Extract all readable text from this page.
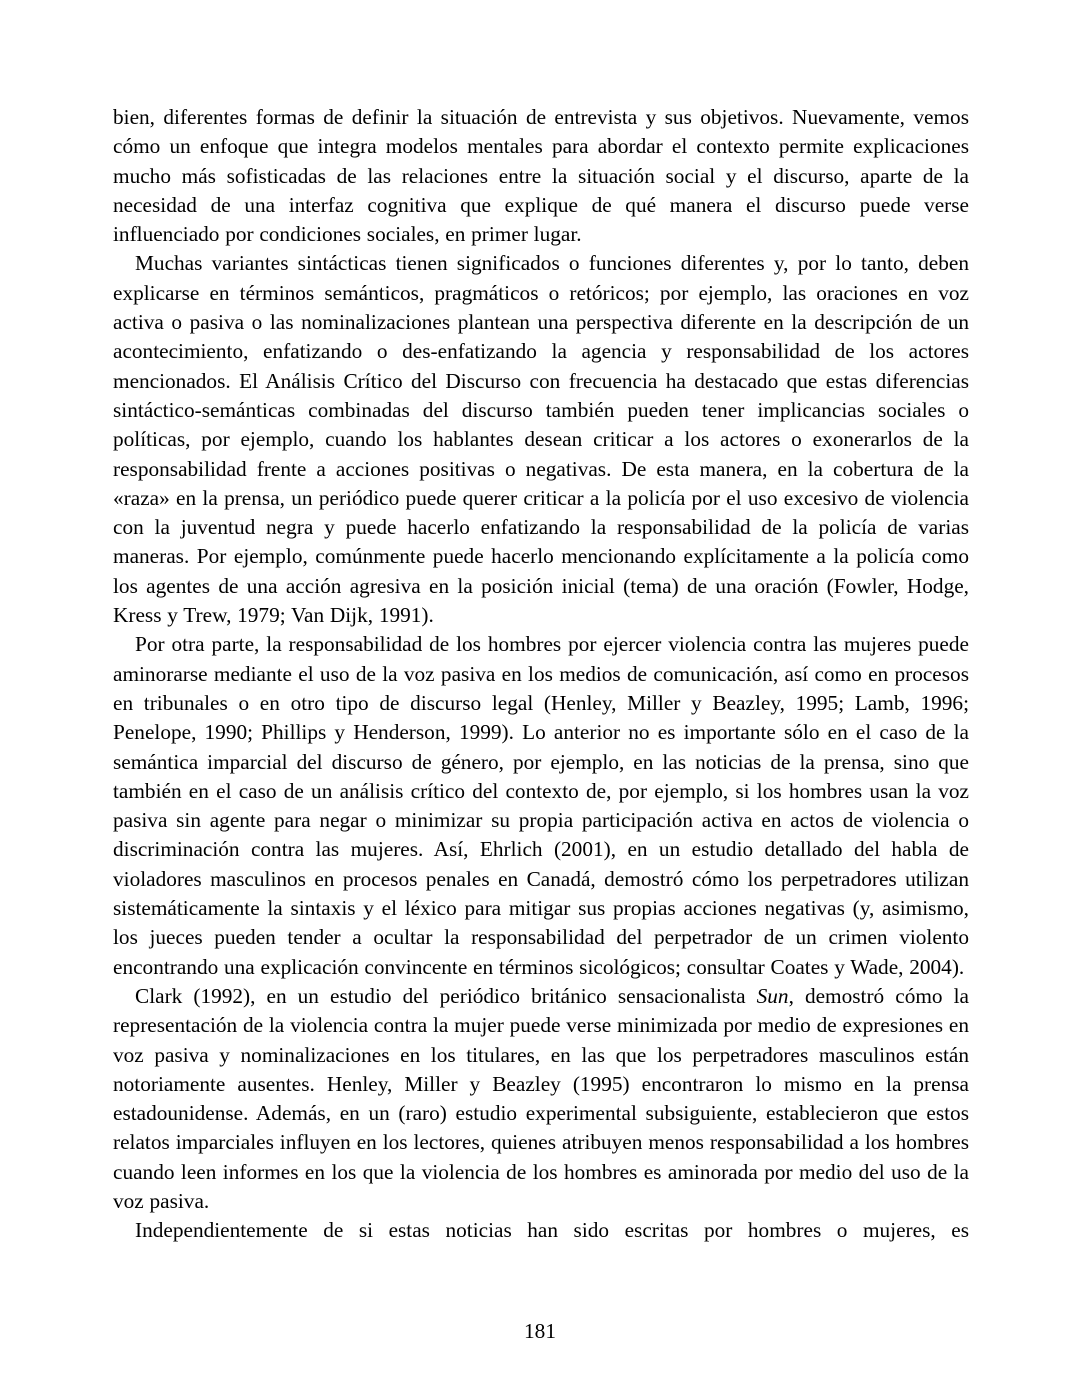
bien, diferentes formas de definir la situación de entrevista y sus objetivos. Nuevamente, vemos cómo un enfoque que integra modelos mentales para abordar el contexto permite explicaciones mucho más sofisticadas de las relaciones entre la situación social y el discurso, aparte de la necesidad de una interfaz cognitiva que explique de qué manera el discurso puede verse influenciado por condiciones sociales, en primer lugar.

Muchas variantes sintácticas tienen significados o funciones diferentes y, por lo tanto, deben explicarse en términos semánticos, pragmáticos o retóricos; por ejemplo, las oraciones en voz activa o pasiva o las nominalizaciones plantean una perspectiva diferente en la descripción de un acontecimiento, enfatizando o des-enfatizando la agencia y responsabilidad de los actores mencionados. El Análisis Crítico del Discurso con frecuencia ha destacado que estas diferencias sintáctico-semánticas combinadas del discurso también pueden tener implicancias sociales o políticas, por ejemplo, cuando los hablantes desean criticar a los actores o exonerarlos de la responsabilidad frente a acciones positivas o negativas. De esta manera, en la cobertura de la «raza» en la prensa, un periódico puede querer criticar a la policía por el uso excesivo de violencia con la juventud negra y puede hacerlo enfatizando la responsabilidad de la policía de varias maneras. Por ejemplo, comúnmente puede hacerlo mencionando explícitamente a la policía como los agentes de una acción agresiva en la posición inicial (tema) de una oración (Fowler, Hodge, Kress y Trew, 1979; Van Dijk, 1991).

Por otra parte, la responsabilidad de los hombres por ejercer violencia contra las mujeres puede aminorarse mediante el uso de la voz pasiva en los medios de comunicación, así como en procesos en tribunales o en otro tipo de discurso legal (Henley, Miller y Beazley, 1995; Lamb, 1996; Penelope, 1990; Phillips y Henderson, 1999). Lo anterior no es importante sólo en el caso de la semántica imparcial del discurso de género, por ejemplo, en las noticias de la prensa, sino que también en el caso de un análisis crítico del contexto de, por ejemplo, si los hombres usan la voz pasiva sin agente para negar o minimizar su propia participación activa en actos de violencia o discriminación contra las mujeres. Así, Ehrlich (2001), en un estudio detallado del habla de violadores masculinos en procesos penales en Canadá, demostró cómo los perpetradores utilizan sistemáticamente la sintaxis y el léxico para mitigar sus propias acciones negativas (y, asimismo, los jueces pueden tender a ocultar la responsabilidad del perpetrador de un crimen violento encontrando una explicación convincente en términos sicológicos; consultar Coates y Wade, 2004).

Clark (1992), en un estudio del periódico británico sensacionalista Sun, demostró cómo la representación de la violencia contra la mujer puede verse minimizada por medio de expresiones en voz pasiva y nominalizaciones en los titulares, en las que los perpetradores masculinos están notoriamente ausentes. Henley, Miller y Beazley (1995) encontraron lo mismo en la prensa estadounidense. Además, en un (raro) estudio experimental subsiguiente, establecieron que estos relatos imparciales influyen en los lectores, quienes atribuyen menos responsabilidad a los hombres cuando leen informes en los que la violencia de los hombres es aminorada por medio del uso de la voz pasiva.

Independientemente de si estas noticias han sido escritas por hombres o mujeres, es

181
